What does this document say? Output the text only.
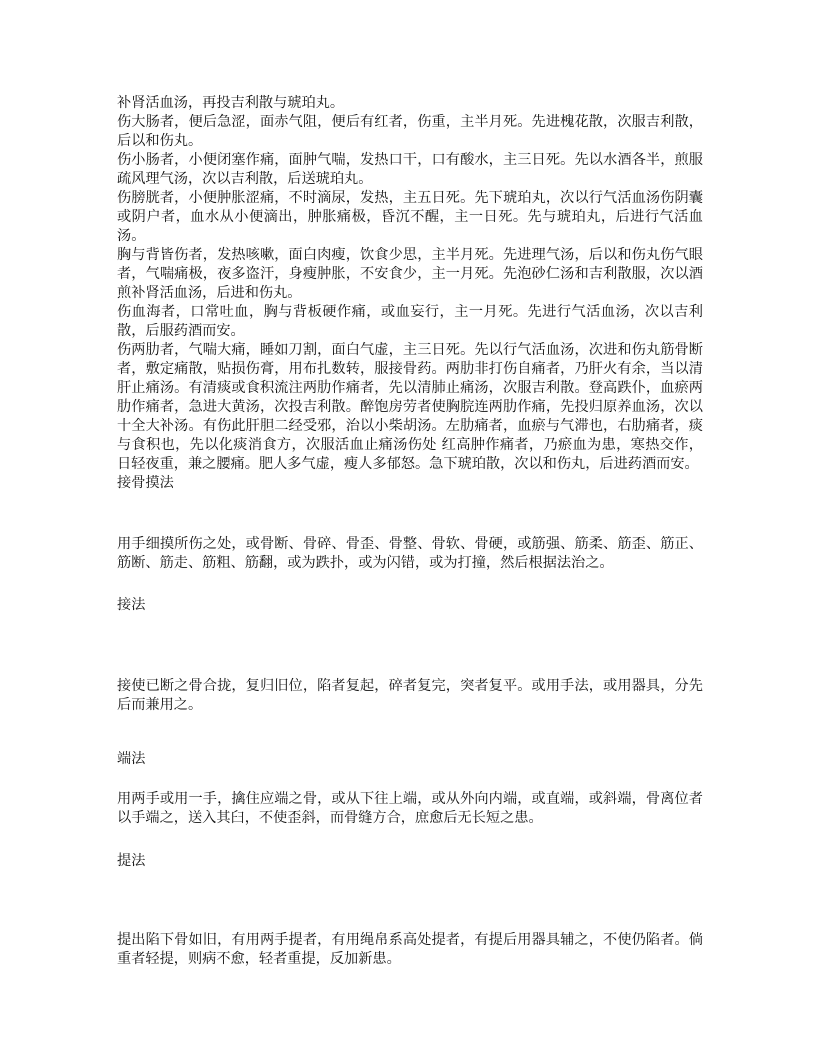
补肾活血汤，再投吉利散与琥珀丸。

伤大肠者，便后急涩，面赤气阻，便后有红者，伤重，主半月死。先进槐花散，次服吉利散，后以和伤丸。

伤小肠者，小便闭塞作痛，面肿气喘，发热口干，口有酸水，主三日死。先以水酒各半，煎服疏风理气汤，次以吉利散，后送琥珀丸。

伤膀胱者，小便肿胀涩痛，不时滴尿，发热，主五日死。先下琥珀丸，次以行气活血汤伤阴囊或阴户者，血水从小便滴出，肿胀痛极，昏沉不醒，主一日死。先与琥珀丸，后进行气活血汤。

胸与背皆伤者，发热咳嗽，面白肉瘦，饮食少思，主半月死。先进理气汤，后以和伤丸伤气眼者，气喘痛极，夜多盗汗，身瘦肿胀，不安食少，主一月死。先泡砂仁汤和吉利散服，次以酒煎补肾活血汤，后进和伤丸。

伤血海者，口常吐血，胸与背板硬作痛，或血妄行，主一月死。先进行气活血汤，次以吉利散，后服药酒而安。

伤两肋者，气喘大痛，睡如刀割，面白气虚，主三日死。先以行气活血汤，次进和伤丸筋骨断者，敷定痛散，贴损伤膏，用布扎数转，服接骨药。两肋非打伤自痛者，乃肝火有余，当以清肝止痛汤。有清痰或食积流注两肋作痛者，先以清肺止痛汤，次服吉利散。登高跌仆，血瘀两肋作痛者，急进大黄汤，次投吉利散。醉饱房劳者使胸脘连两肋作痛，先投归原养血汤，次以十全大补汤。有伤此肝胆二经受邪，治以小柴胡汤。左肋痛者，血瘀与气滞也，右肋痛者，痰与食积也，先以化痰消食方，次服活血止痛汤伤处 红高肿作痛者，乃瘀血为患，寒热交作，日轻夜重，兼之腰痛。肥人多气虚，瘦人多郁怒。急下琥珀散，次以和伤丸，后进药酒而安。

接骨摸法

用手细摸所伤之处，或骨断、骨碎、骨歪、骨整、骨软、骨硬，或筋强、筋柔、筋歪、筋正、筋断、筋走、筋粗、筋翻，或为跌扑，或为闪错，或为打撞，然后根据法治之。

接法

接使已断之骨合拢，复归旧位，陷者复起，碎者复完，突者复平。或用手法，或用器具，分先后而兼用之。

端法

用两手或用一手，擒住应端之骨，或从下往上端，或从外向内端，或直端，或斜端，骨离位者以手端之，送入其臼，不使歪斜，而骨缝方合，庶愈后无长短之患。

提法

提出陷下骨如旧，有用两手提者，有用绳帛系高处提者，有提后用器具辅之，不使仍陷者。倘重者轻提，则病不愈，轻者重提，反加新患。
